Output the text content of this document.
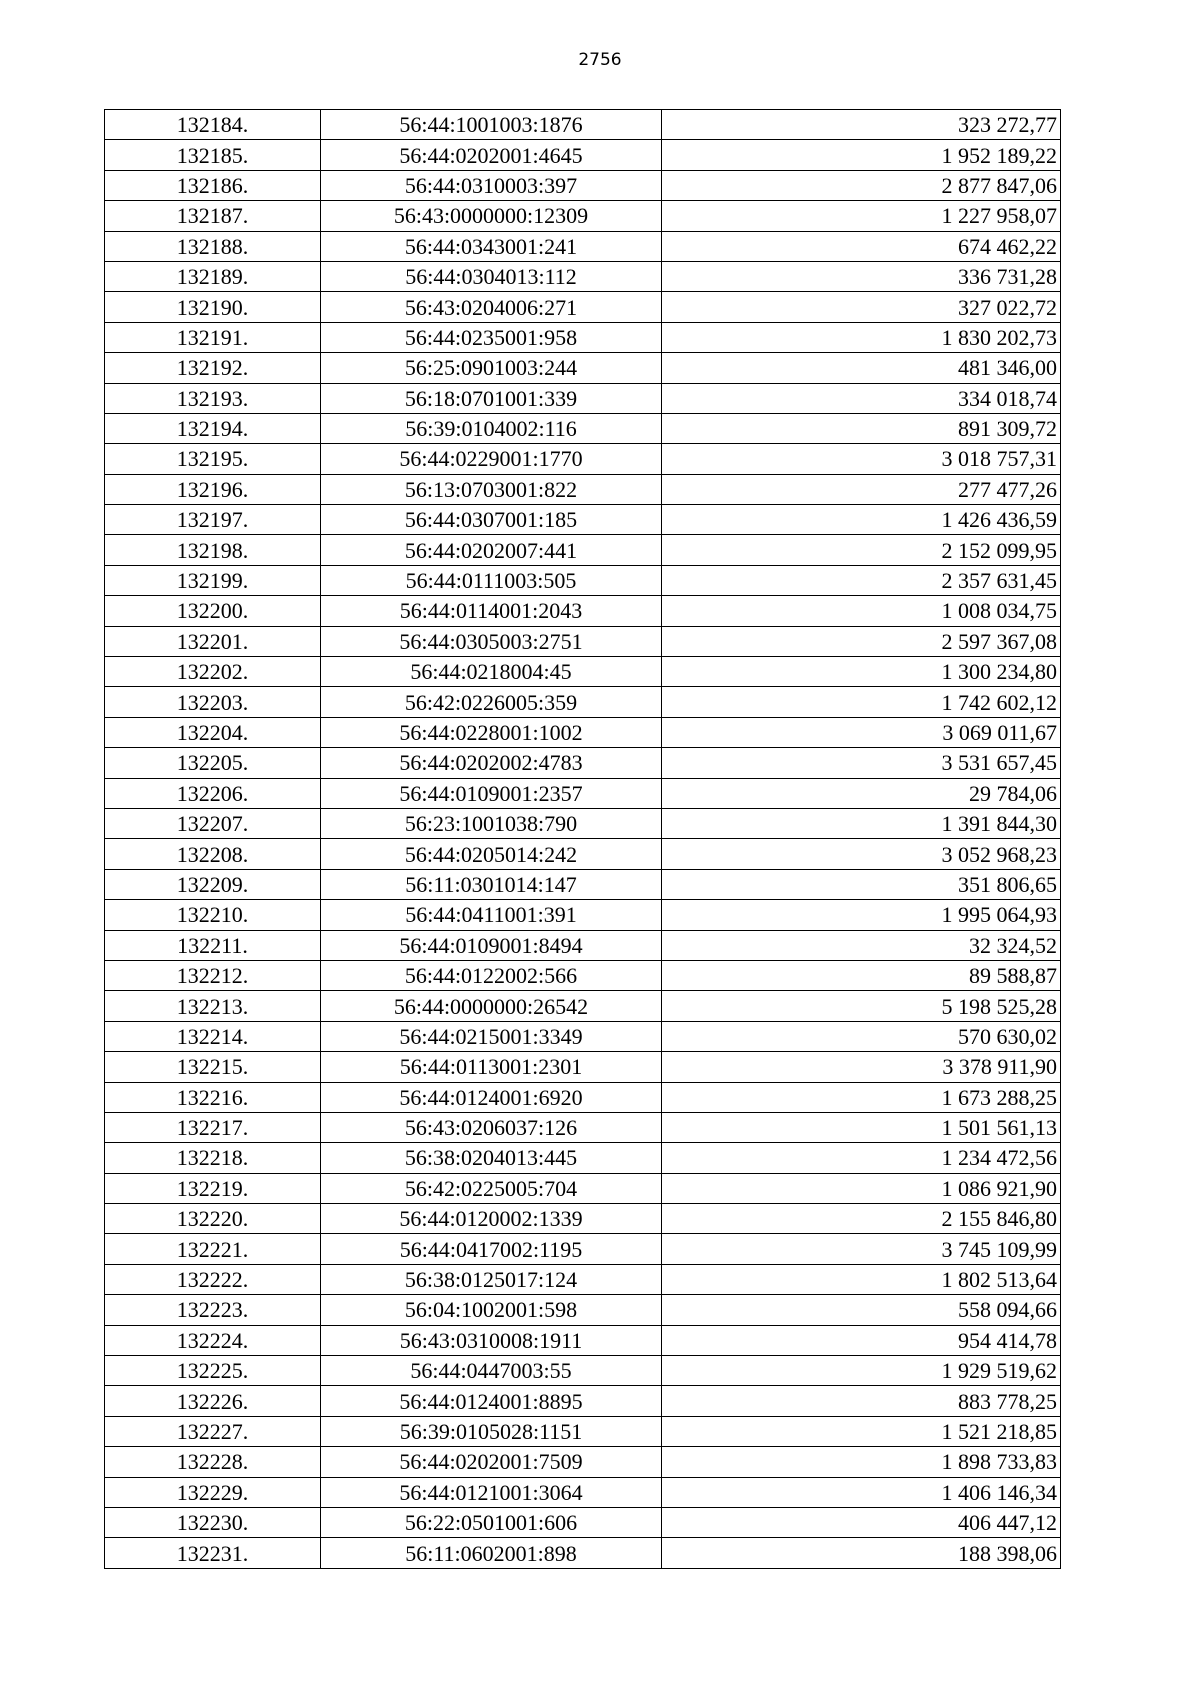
2756
132184.	56:44:1001003:1876	323 272,77
132185.	56:44:0202001:4645	1 952 189,22
132186.	56:44:0310003:397	2 877 847,06
132187.	56:43:0000000:12309	1 227 958,07
132188.	56:44:0343001:241	674 462,22
132189.	56:44:0304013:112	336 731,28
132190.	56:43:0204006:271	327 022,72
132191.	56:44:0235001:958	1 830 202,73
132192.	56:25:0901003:244	481 346,00
132193.	56:18:0701001:339	334 018,74
132194.	56:39:0104002:116	891 309,72
132195.	56:44:0229001:1770	3 018 757,31
132196.	56:13:0703001:822	277 477,26
132197.	56:44:0307001:185	1 426 436,59
132198.	56:44:0202007:441	2 152 099,95
132199.	56:44:0111003:505	2 357 631,45
132200.	56:44:0114001:2043	1 008 034,75
132201.	56:44:0305003:2751	2 597 367,08
132202.	56:44:0218004:45	1 300 234,80
132203.	56:42:0226005:359	1 742 602,12
132204.	56:44:0228001:1002	3 069 011,67
132205.	56:44:0202002:4783	3 531 657,45
132206.	56:44:0109001:2357	29 784,06
132207.	56:23:1001038:790	1 391 844,30
132208.	56:44:0205014:242	3 052 968,23
132209.	56:11:0301014:147	351 806,65
132210.	56:44:0411001:391	1 995 064,93
132211.	56:44:0109001:8494	32 324,52
132212.	56:44:0122002:566	89 588,87
132213.	56:44:0000000:26542	5 198 525,28
132214.	56:44:0215001:3349	570 630,02
132215.	56:44:0113001:2301	3 378 911,90
132216.	56:44:0124001:6920	1 673 288,25
132217.	56:43:0206037:126	1 501 561,13
132218.	56:38:0204013:445	1 234 472,56
132219.	56:42:0225005:704	1 086 921,90
132220.	56:44:0120002:1339	2 155 846,80
132221.	56:44:0417002:1195	3 745 109,99
132222.	56:38:0125017:124	1 802 513,64
132223.	56:04:1002001:598	558 094,66
132224.	56:43:0310008:1911	954 414,78
132225.	56:44:0447003:55	1 929 519,62
132226.	56:44:0124001:8895	883 778,25
132227.	56:39:0105028:1151	1 521 218,85
132228.	56:44:0202001:7509	1 898 733,83
132229.	56:44:0121001:3064	1 406 146,34
132230.	56:22:0501001:606	406 447,12
132231.	56:11:0602001:898	188 398,06
